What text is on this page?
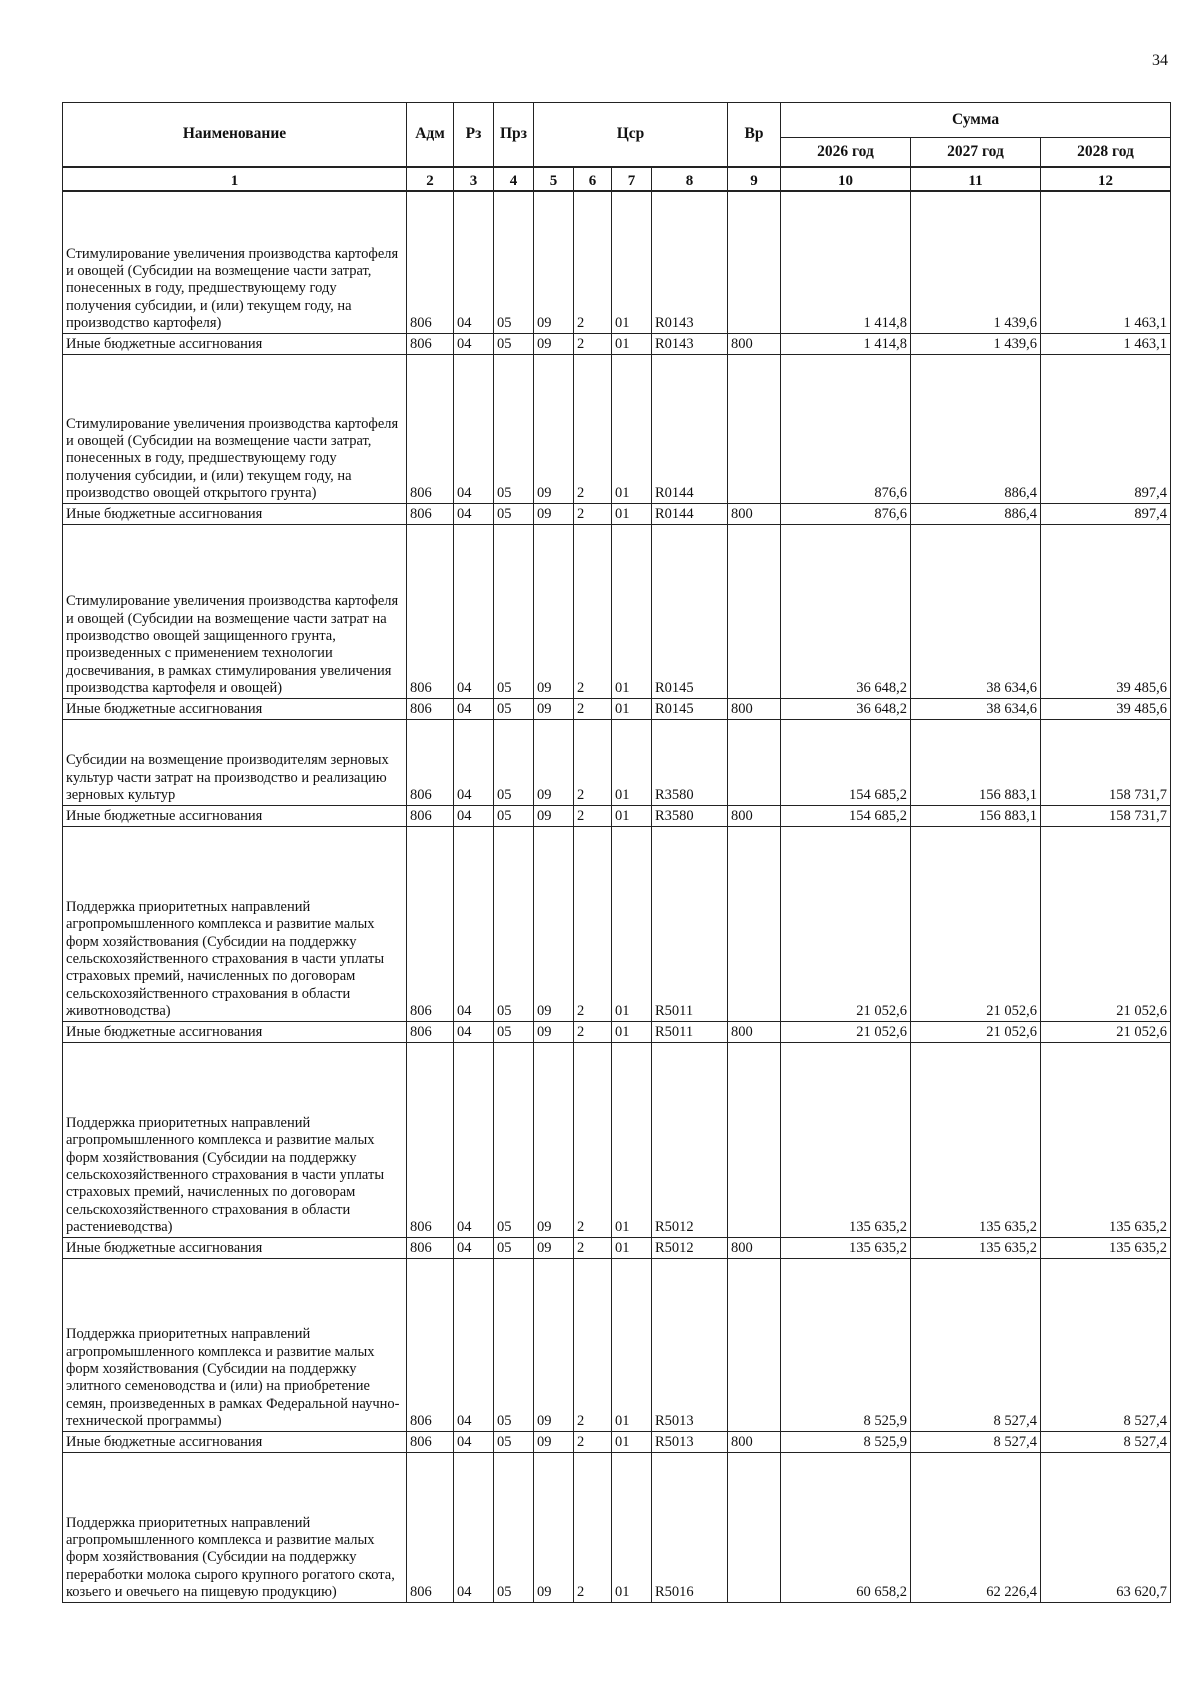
34
Наименование	Адм	Рз	Прз	Цср				Вр	Сумма		
									2026 год	2027 год	2028 год
1	2	3	4	5	6	7	8	9	10	11	12
Стимулирование увеличения производства картофеля и овощей (Субсидии на возмещение части затрат, понесенных в году, предшествующему году получения субсидии, и (или) текущем году, на производство картофеля)	806	04	05	09	2	01	R0143		1 414,8	1 439,6	1 463,1
Иные бюджетные ассигнования	806	04	05	09	2	01	R0143	800	1 414,8	1 439,6	1 463,1
Стимулирование увеличения производства картофеля и овощей (Субсидии на возмещение части затрат, понесенных в году, предшествующему году получения субсидии, и (или) текущем году, на производство овощей открытого грунта)	806	04	05	09	2	01	R0144		876,6	886,4	897,4
Иные бюджетные ассигнования	806	04	05	09	2	01	R0144	800	876,6	886,4	897,4
Стимулирование увеличения производства картофеля и овощей (Субсидии на возмещение части затрат на производство овощей защищенного грунта, произведенных с применением технологии досвечивания, в рамках стимулирования увеличения производства картофеля и овощей)	806	04	05	09	2	01	R0145		36 648,2	38 634,6	39 485,6
Иные бюджетные ассигнования	806	04	05	09	2	01	R0145	800	36 648,2	38 634,6	39 485,6
Субсидии на возмещение производителям зерновых культур части затрат на производство и реализацию зерновых культур	806	04	05	09	2	01	R3580		154 685,2	156 883,1	158 731,7
Иные бюджетные ассигнования	806	04	05	09	2	01	R3580	800	154 685,2	156 883,1	158 731,7
Поддержка приоритетных направлений агропромышленного комплекса и развитие малых форм хозяйствования (Субсидии на поддержку сельскохозяйственного страхования в части уплаты страховых премий, начисленных по договорам сельскохозяйственного страхования в области животноводства)	806	04	05	09	2	01	R5011		21 052,6	21 052,6	21 052,6
Иные бюджетные ассигнования	806	04	05	09	2	01	R5011	800	21 052,6	21 052,6	21 052,6
Поддержка приоритетных направлений агропромышленного комплекса и развитие малых форм хозяйствования (Субсидии на поддержку сельскохозяйственного страхования в части уплаты страховых премий, начисленных по договорам сельскохозяйственного страхования в области растениеводства)	806	04	05	09	2	01	R5012		135 635,2	135 635,2	135 635,2
Иные бюджетные ассигнования	806	04	05	09	2	01	R5012	800	135 635,2	135 635,2	135 635,2
Поддержка приоритетных направлений агропромышленного комплекса и развитие малых форм хозяйствования (Субсидии на поддержку элитного семеноводства и (или) на приобретение семян, произведенных в рамках Федеральной научно-технической программы)	806	04	05	09	2	01	R5013		8 525,9	8 527,4	8 527,4
Иные бюджетные ассигнования	806	04	05	09	2	01	R5013	800	8 525,9	8 527,4	8 527,4
Поддержка приоритетных направлений агропромышленного комплекса и развитие малых форм хозяйствования (Субсидии на поддержку переработки молока сырого крупного рогатого скота, козьего и овечьего на пищевую продукцию)	806	04	05	09	2	01	R5016		60 658,2	62 226,4	63 620,7
